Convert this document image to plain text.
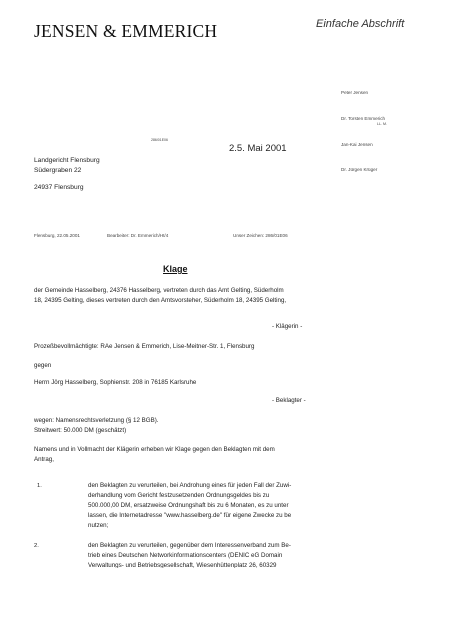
JENSEN & EMMERICH	Einfache Abschrift
Peter Jensen
Dr. Torsten Emmerich
LL. M.
Jan-Kai Jensen
Dr. Jürgen Krüger
286/01E06
2.5. Mai 2001
Landgericht Flensburg
Südergraben 22
24937 Flensburg
Flensburg, 22.05.2001	Bearbeiter: Dr. Emmerich/Ht/4	Unser Zeichen: 286/01E06
Klage
der Gemeinde Hasselberg, 24376 Hasselberg, vertreten durch das Amt Gelting, Süderholm
18, 24395 Gelting, dieses vertreten durch den Amtsvorsteher, Süderholm 18, 24395 Gelting,
- Klägerin -
Prozeßbevollmächtigte: RAe Jensen & Emmerich, Lise-Meitner-Str. 1, Flensburg
gegen
Herrn Jörg Hasselberg, Sophienstr. 208 in 76185 Karlsruhe
- Beklagter -
wegen: Namensrechtsverletzung (§ 12 BGB).
Streitwert: 50.000 DM (geschätzt)
Namens und in Vollmacht der Klägerin erheben wir Klage gegen den Beklagten mit dem
Antrag,
1.	den Beklagten zu verurteilen, bei Androhung eines für jeden Fall der Zuwi-
derhandlung vom Gericht festzusetzenden Ordnungsgeldes bis zu
500.000,00 DM, ersatzweise Ordnungshaft bis zu 6 Monaten, es zu unter
lassen, die Internetadresse "www.hasselberg.de" für eigene Zwecke zu be
nutzen;
2.	den Beklagten zu verurteilen, gegenüber dem Interessenverband zum Be-
trieb eines Deutschen Networkinformationscenters (DENIC eG Domain
Verwaltungs- und Betriebsgesellschaft, Wiesenhüttenplatz 26, 60329
